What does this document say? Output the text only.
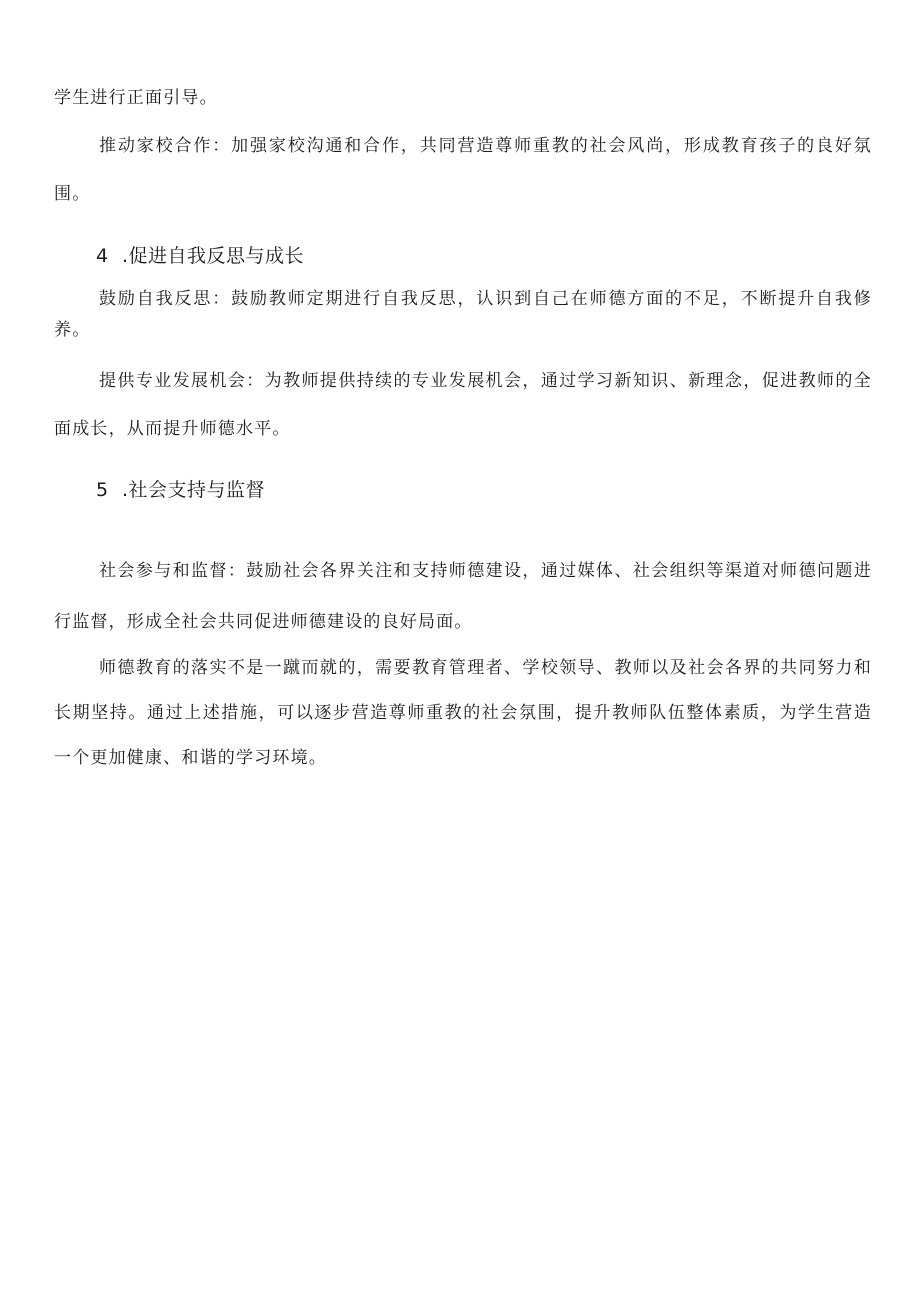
学生进行正面引导。

推动家校合作：加强家校沟通和合作，共同营造尊师重教的社会风尚，形成教育孩子的良好氛围。

4 .促进自我反思与成长

鼓励自我反思：鼓励教师定期进行自我反思，认识到自己在师德方面的不足，不断提升自我修养。

提供专业发展机会：为教师提供持续的专业发展机会，通过学习新知识、新理念，促进教师的全面成长，从而提升师德水平。

5 .社会支持与监督

社会参与和监督：鼓励社会各界关注和支持师德建设，通过媒体、社会组织等渠道对师德问题进行监督，形成全社会共同促进师德建设的良好局面。

师德教育的落实不是一蹴而就的，需要教育管理者、学校领导、教师以及社会各界的共同努力和长期坚持。通过上述措施，可以逐步营造尊师重教的社会氛围，提升教师队伍整体素质，为学生营造一个更加健康、和谐的学习环境。
